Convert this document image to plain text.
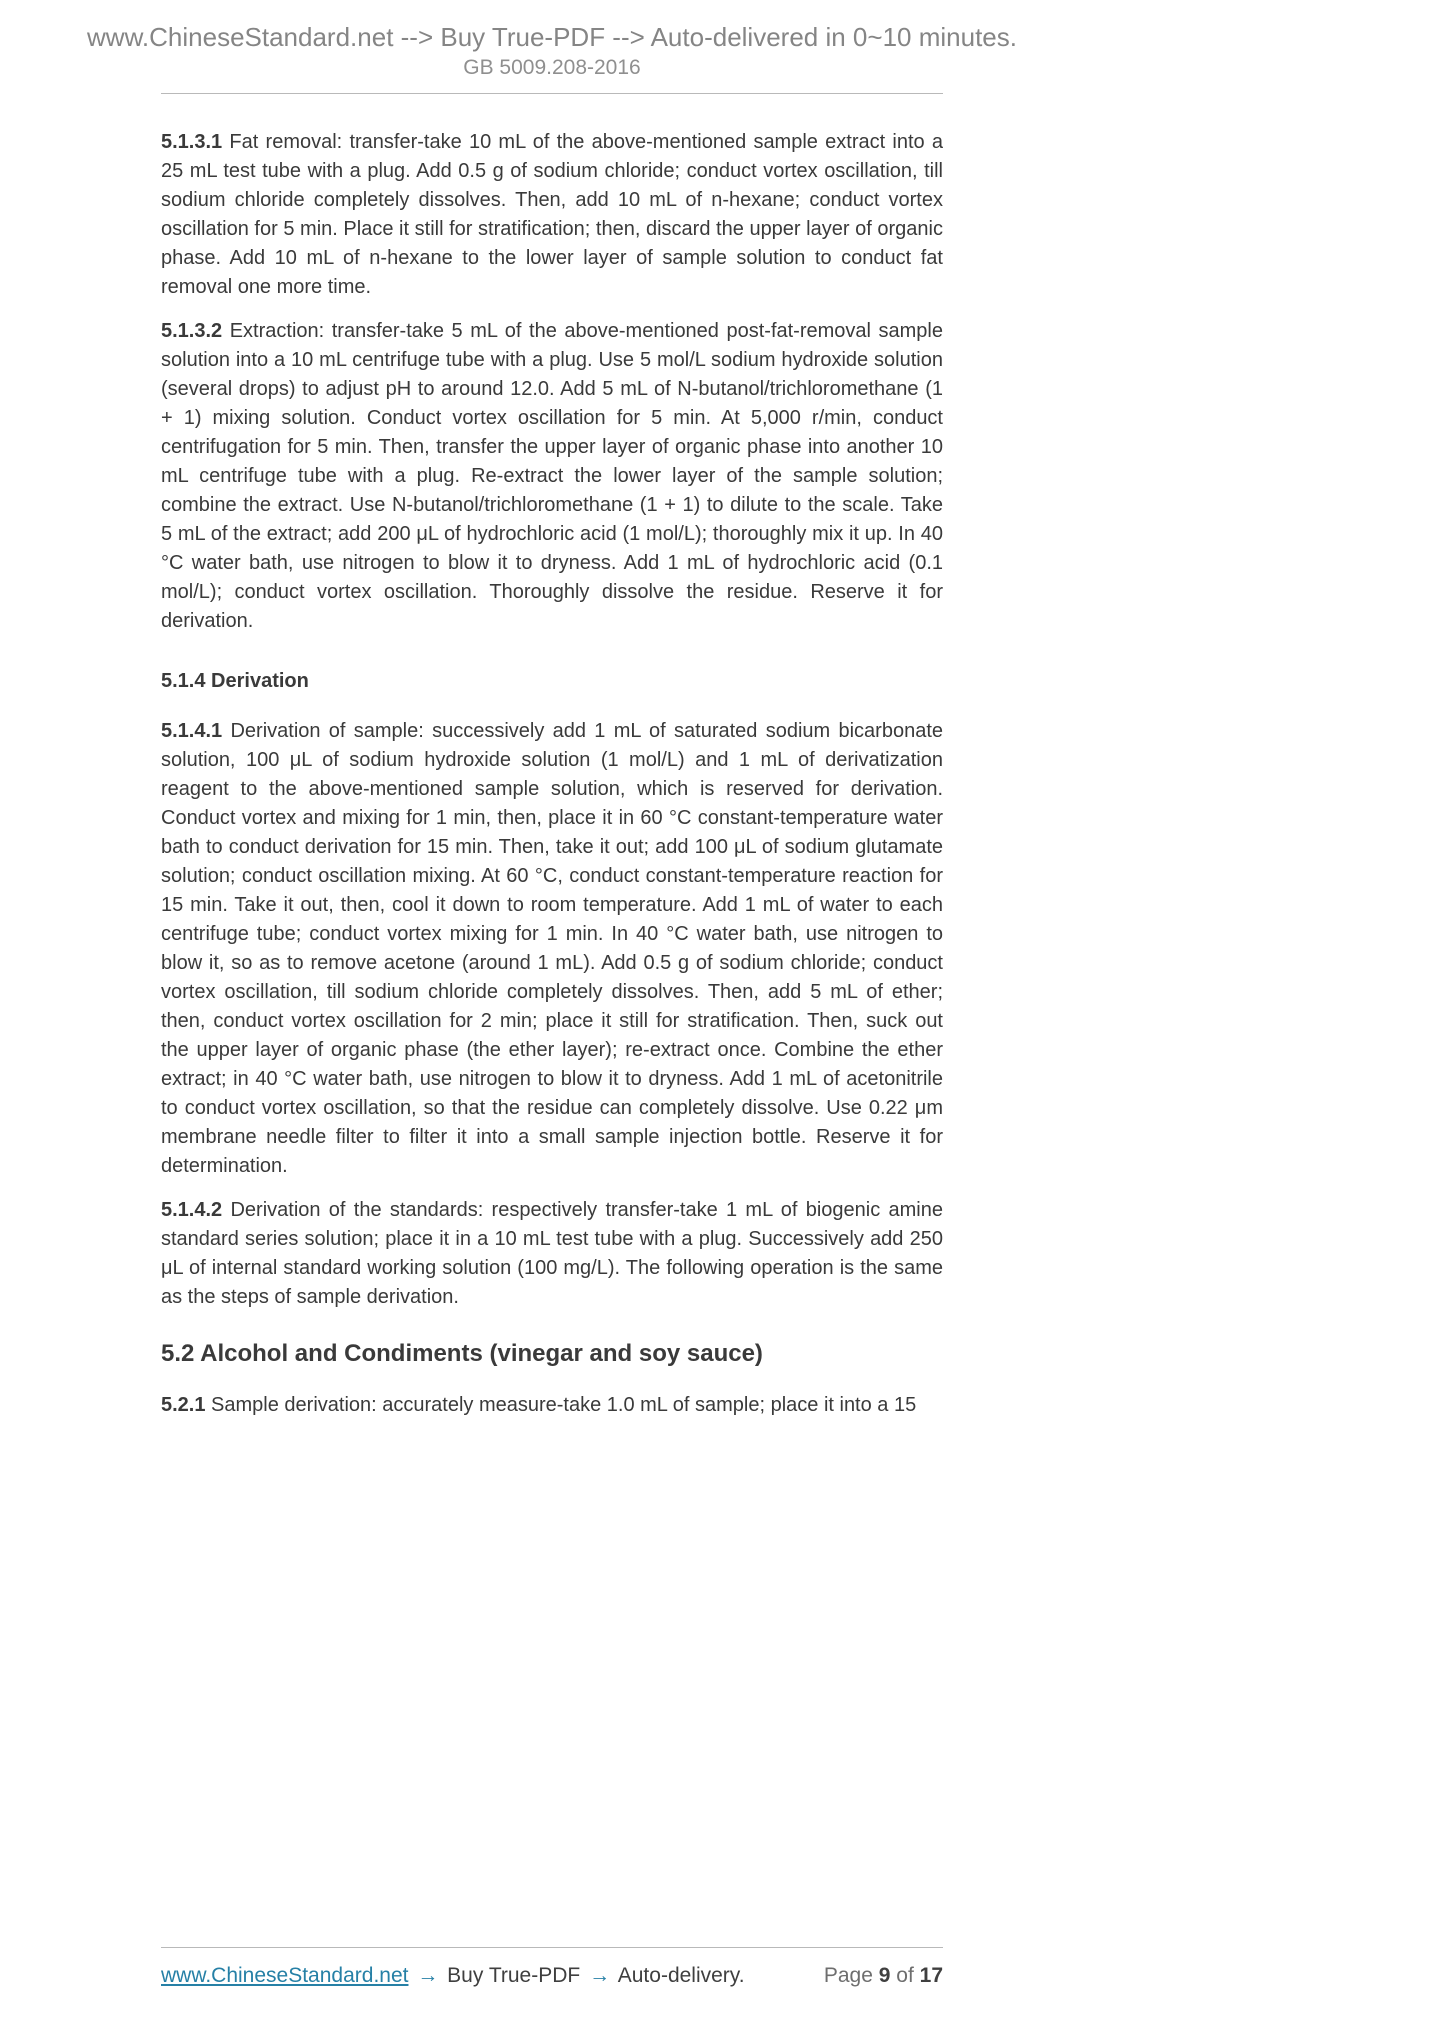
www.ChineseStandard.net --> Buy True-PDF --> Auto-delivered in 0~10 minutes.
GB 5009.208-2016

5.1.3.1 Fat removal: transfer-take 10 mL of the above-mentioned sample extract into a 25 mL test tube with a plug. Add 0.5 g of sodium chloride; conduct vortex oscillation, till sodium chloride completely dissolves. Then, add 10 mL of n-hexane; conduct vortex oscillation for 5 min. Place it still for stratification; then, discard the upper layer of organic phase. Add 10 mL of n-hexane to the lower layer of sample solution to conduct fat removal one more time.

5.1.3.2 Extraction: transfer-take 5 mL of the above-mentioned post-fat-removal sample solution into a 10 mL centrifuge tube with a plug. Use 5 mol/L sodium hydroxide solution (several drops) to adjust pH to around 12.0. Add 5 mL of N-butanol/trichloromethane (1 + 1) mixing solution. Conduct vortex oscillation for 5 min. At 5,000 r/min, conduct centrifugation for 5 min. Then, transfer the upper layer of organic phase into another 10 mL centrifuge tube with a plug. Re-extract the lower layer of the sample solution; combine the extract. Use N-butanol/trichloromethane (1 + 1) to dilute to the scale. Take 5 mL of the extract; add 200 μL of hydrochloric acid (1 mol/L); thoroughly mix it up. In 40 °C water bath, use nitrogen to blow it to dryness. Add 1 mL of hydrochloric acid (0.1 mol/L); conduct vortex oscillation. Thoroughly dissolve the residue. Reserve it for derivation.

5.1.4 Derivation

5.1.4.1 Derivation of sample: successively add 1 mL of saturated sodium bicarbonate solution, 100 μL of sodium hydroxide solution (1 mol/L) and 1 mL of derivatization reagent to the above-mentioned sample solution, which is reserved for derivation. Conduct vortex and mixing for 1 min, then, place it in 60 °C constant-temperature water bath to conduct derivation for 15 min. Then, take it out; add 100 μL of sodium glutamate solution; conduct oscillation mixing. At 60 °C, conduct constant-temperature reaction for 15 min. Take it out, then, cool it down to room temperature. Add 1 mL of water to each centrifuge tube; conduct vortex mixing for 1 min. In 40 °C water bath, use nitrogen to blow it, so as to remove acetone (around 1 mL). Add 0.5 g of sodium chloride; conduct vortex oscillation, till sodium chloride completely dissolves. Then, add 5 mL of ether; then, conduct vortex oscillation for 2 min; place it still for stratification. Then, suck out the upper layer of organic phase (the ether layer); re-extract once. Combine the ether extract; in 40 °C water bath, use nitrogen to blow it to dryness. Add 1 mL of acetonitrile to conduct vortex oscillation, so that the residue can completely dissolve. Use 0.22 μm membrane needle filter to filter it into a small sample injection bottle. Reserve it for determination.

5.1.4.2 Derivation of the standards: respectively transfer-take 1 mL of biogenic amine standard series solution; place it in a 10 mL test tube with a plug. Successively add 250 μL of internal standard working solution (100 mg/L). The following operation is the same as the steps of sample derivation.

5.2 Alcohol and Condiments (vinegar and soy sauce)

5.2.1 Sample derivation: accurately measure-take 1.0 mL of sample; place it into a 15

www.ChineseStandard.net → Buy True-PDF → Auto-delivery.	Page 9 of 17
